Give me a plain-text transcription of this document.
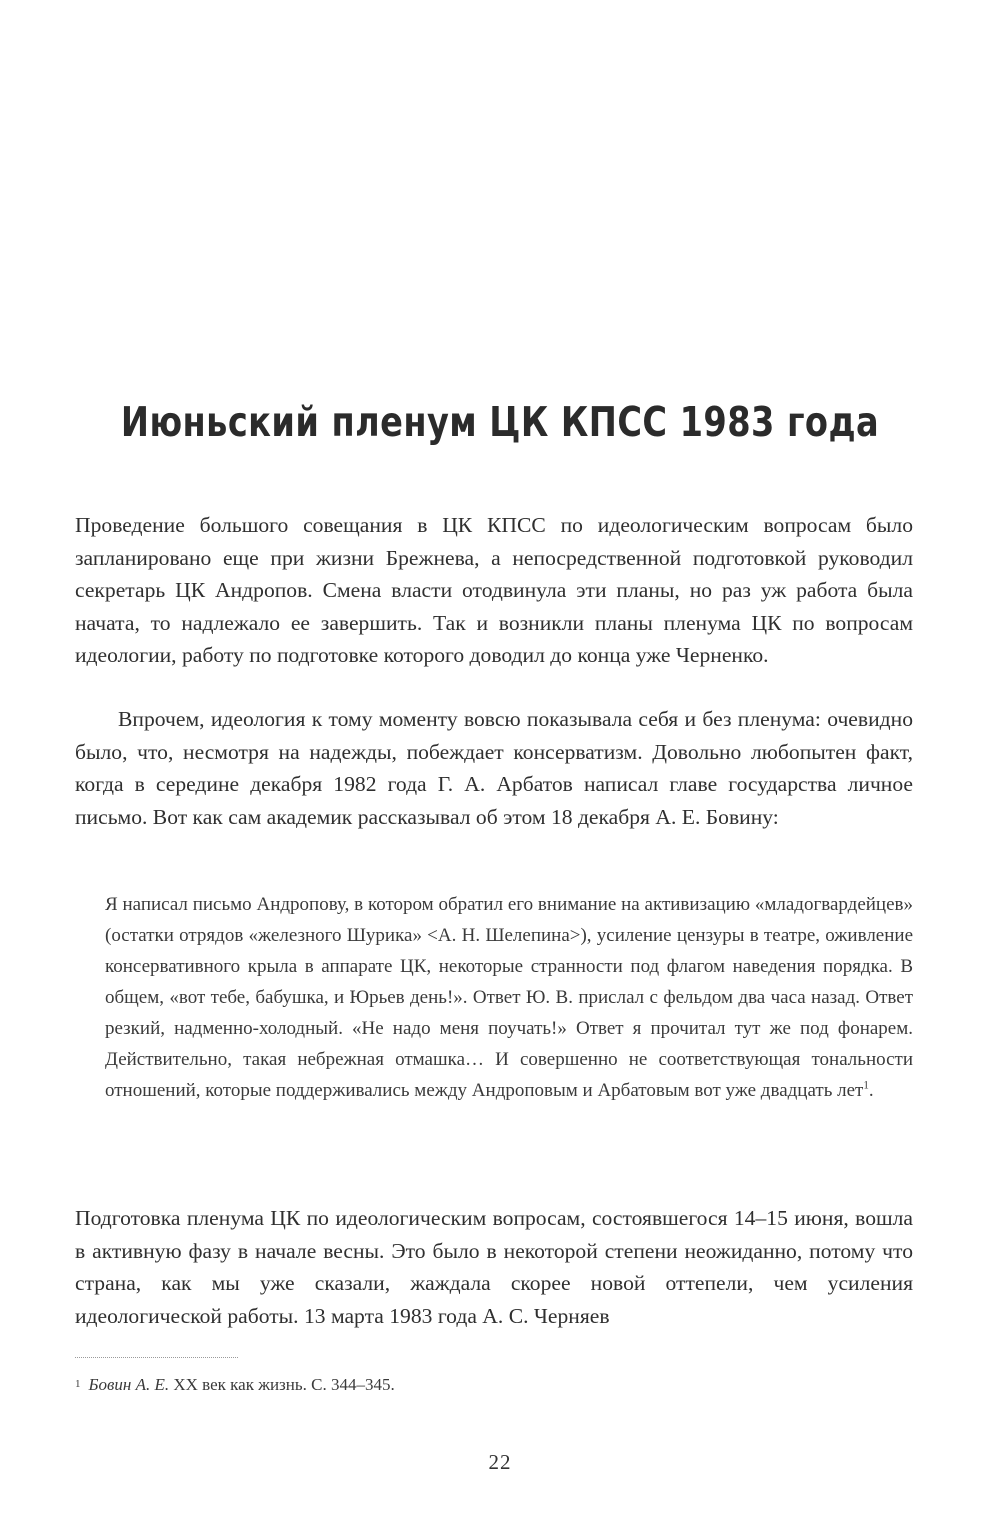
Июньский пленум ЦК КПСС 1983 года

Проведение большого совещания в ЦК КПСС по идеологическим вопросам было запланировано еще при жизни Брежнева, а непосредственной подготовкой руководил секретарь ЦК Андропов. Смена власти отодвинула эти планы, но раз уж работа была начата, то надлежало ее завершить. Так и возникли планы пленума ЦК по вопросам идеологии, работу по подготовке которого доводил до конца уже Черненко.

Впрочем, идеология к тому моменту вовсю показывала себя и без пленума: очевидно было, что, несмотря на надежды, побеждает консерватизм. Довольно любопытен факт, когда в середине декабря 1982 года Г. А. Арбатов написал главе государства личное письмо. Вот как сам академик рассказывал об этом 18 декабря А. Е. Бовину:

Я написал письмо Андропову, в котором обратил его внимание на активизацию «младогвардейцев» (остатки отрядов «железного Шурика» <А. Н. Шелепина>), усиление цензуры в театре, оживление консервативного крыла в аппарате ЦК, некоторые странности под флагом наведения порядка. В общем, «вот тебе, бабушка, и Юрьев день!». Ответ Ю. В. прислал с фельдом два часа назад. Ответ резкий, надменно-холодный. «Не надо меня поучать!» Ответ я прочитал тут же под фонарем. Действительно, такая небрежная отмашка… И совершенно не соответствующая тональности отношений, которые поддерживались между Андроповым и Арбатовым вот уже двадцать лет$^1$.

Подготовка пленума ЦК по идеологическим вопросам, состоявшегося 14–15 июня, вошла в активную фазу в начале весны. Это было в некоторой степени неожиданно, потому что страна, как мы уже сказали, жаждала скорее новой оттепели, чем усиления идеологической работы. 13 марта 1983 года А. С. Черняев

1 Бовин А. Е. XX век как жизнь. С. 344–345.

22
